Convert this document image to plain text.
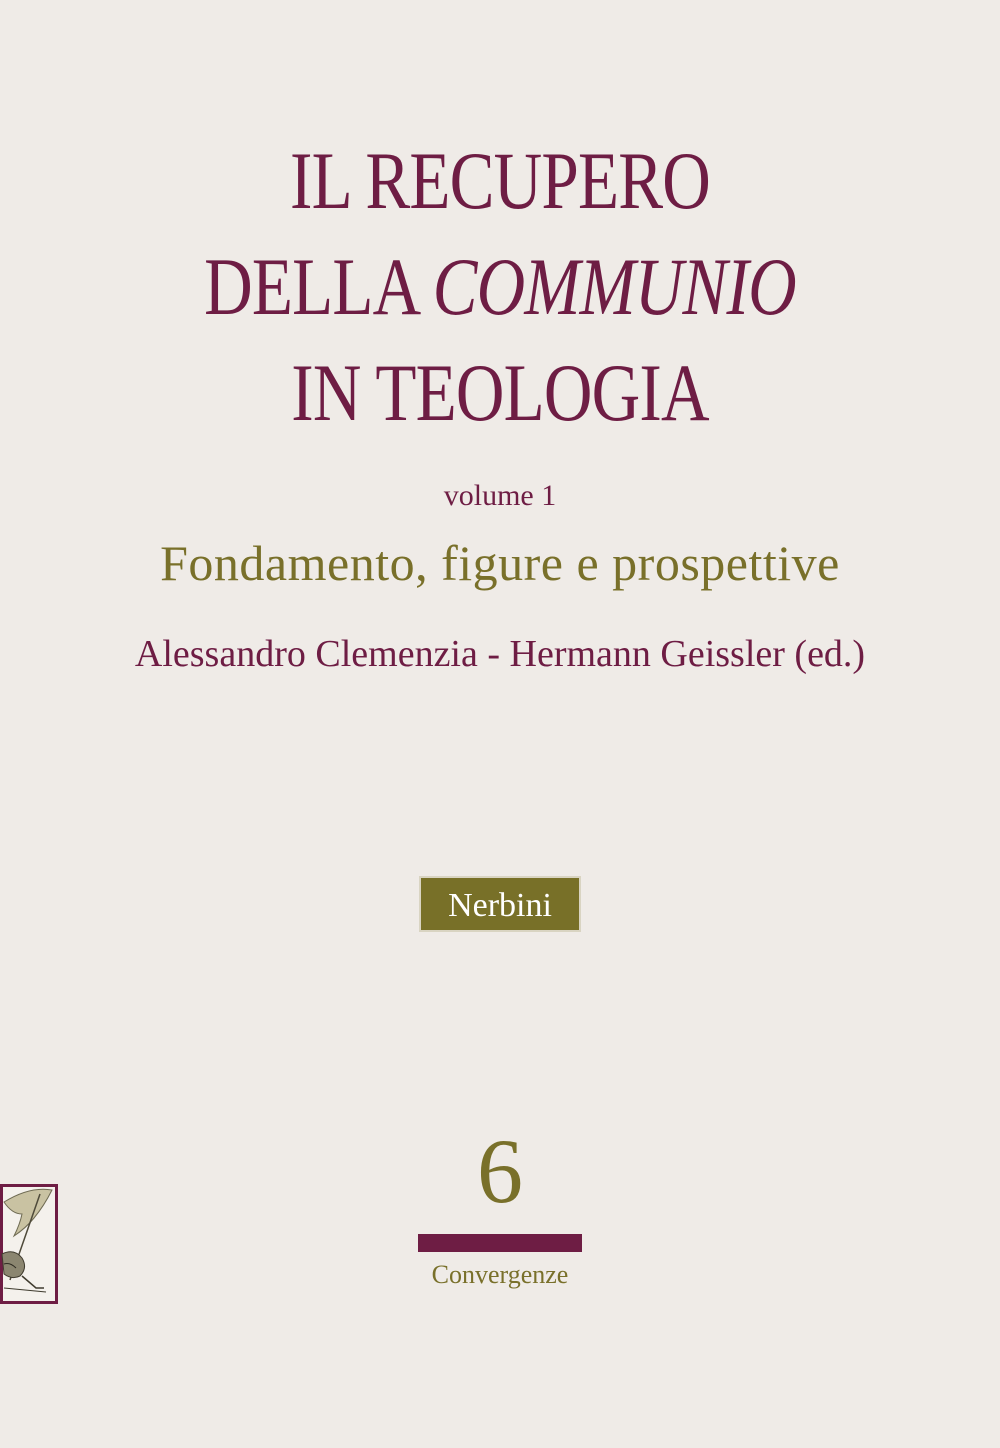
IL RECUPERO
DELLA COMMUNIO
IN TEOLOGIA
volume 1
Fondamento, figure e prospettive
Alessandro Clemenzia - Hermann Geissler (ed.)
Nerbini
6
Convergenze
